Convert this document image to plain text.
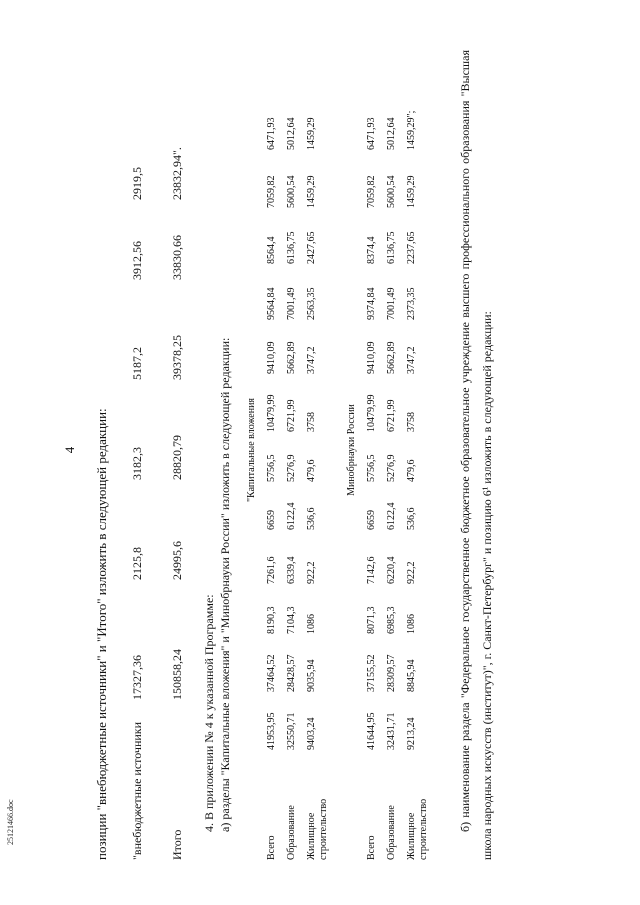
4 позиции "внебюджетные источники" и "Итого" изложить в следующей редакции: "внебюджетные источники
17327,36
2125,8
3182,3
5187,2
3912,56
2919,5
Итого
150858,24
24995,6
28820,79
39378,25
33830,66
23832,94".
4. В приложении № 4 к указанной Программе: а) разделы "Капитальные вложения" и "Минобрнауки России" изложить в следующей редакции: "Капитальные вложения
Всего
41953,95
37464,52
8190,3
7261,6
6659
5756,5
10479,99
9410,09
9564,84
8564,4
7059,82
6471,93
Образование
32550,71
28428,57
7104,3
6339,4
6122,4
5276,9
6721,99
5662,89
7001,49
6136,75
5600,54
5012,64
Жилищное строительство
9403,24
9035,94
1086
922,2
536,6
479,6
3758
3747,2
2563,35
2427,65
1459,29
1459,29
Минобрнауки России
Всего
41644,95
37155,52
8071,3
7142,6
6659
5756,5
10479,99
9410,09
9374,84
8374,4
7059,82
6471,93
Образование
32431,71
28309,57
6985,3
6220,4
6122,4
5276,9
6721,99
5662,89
7001,49
6136,75
5600,54
5012,64
Жилищное строительство
9213,24
8845,94
1086
922,2
536,6
479,6
3758
3747,2
2373,35
2237,65
1459,29
1459,29";	б) наименование раздела "Федеральное государственное бюджетное образовательное учреждение высшего профессионального образования "Высшая школа народных искусств (институт)", г. Санкт-Петербург" и позицию 6¹ изложить в следующей редакции:
25121466.doc
